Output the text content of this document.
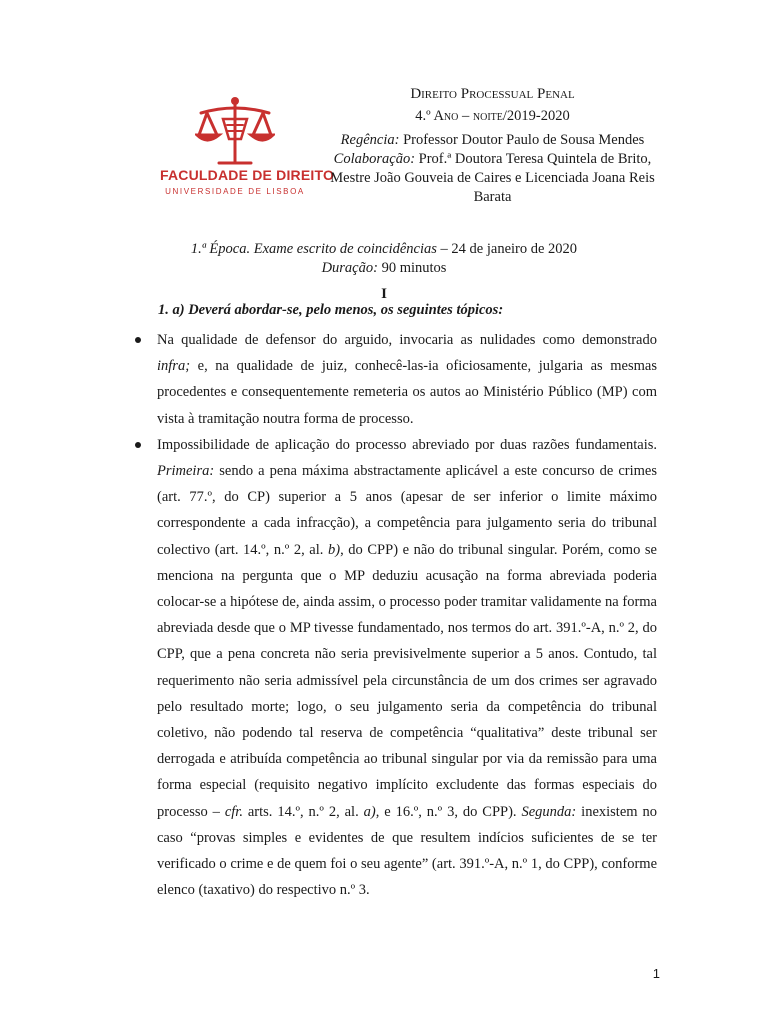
FACULDADE DE DIREITO
UNIVERSIDADE DE LISBOA
Direito Processual Penal
4.º Ano – noite/2019-2020
Regência: Professor Doutor Paulo de Sousa Mendes
Colaboração: Prof.ª Doutora Teresa Quintela de Brito, Mestre João Gouveia de Caires e Licenciada Joana Reis Barata
1.ª Época. Exame escrito de coincidências – 24 de janeiro de 2020
Duração: 90 minutos
I
1. a) Deverá abordar-se, pelo menos, os seguintes tópicos:

Na qualidade de defensor do arguido, invocaria as nulidades como demonstrado infra; e, na qualidade de juiz, conhecê-las-ia oficiosamente, julgaria as mesmas procedentes e consequentemente remeteria os autos ao Ministério Público (MP) com vista à tramitação noutra forma de processo.

Impossibilidade de aplicação do processo abreviado por duas razões fundamentais. Primeira: sendo a pena máxima abstractamente aplicável a este concurso de crimes (art. 77.º, do CP) superior a 5 anos (apesar de ser inferior o limite máximo correspondente a cada infracção), a competência para julgamento seria do tribunal colectivo (art. 14.º, n.º 2, al. b), do CPP) e não do tribunal singular. Porém, como se menciona na pergunta que o MP deduziu acusação na forma abreviada poderia colocar-se a hipótese de, ainda assim, o processo poder tramitar validamente na forma abreviada desde que o MP tivesse fundamentado, nos termos do art. 391.º-A, n.º 2, do CPP, que a pena concreta não seria previsivelmente superior a 5 anos. Contudo, tal requerimento não seria admissível pela circunstância de um dos crimes ser agravado pelo resultado morte; logo, o seu julgamento seria da competência do tribunal coletivo, não podendo tal reserva de competência “qualitativa” deste tribunal ser derrogada e atribuída competência ao tribunal singular por via da remissão para uma forma especial (requisito negativo implícito excludente das formas especiais do processo – cfr. arts. 14.º, n.º 2, al. a), e 16.º, n.º 3, do CPP). Segunda: inexistem no caso “provas simples e evidentes de que resultem indícios suficientes de se ter verificado o crime e de quem foi o seu agente” (art. 391.º-A, n.º 1, do CPP), conforme elenco (taxativo) do respectivo n.º 3.

1
